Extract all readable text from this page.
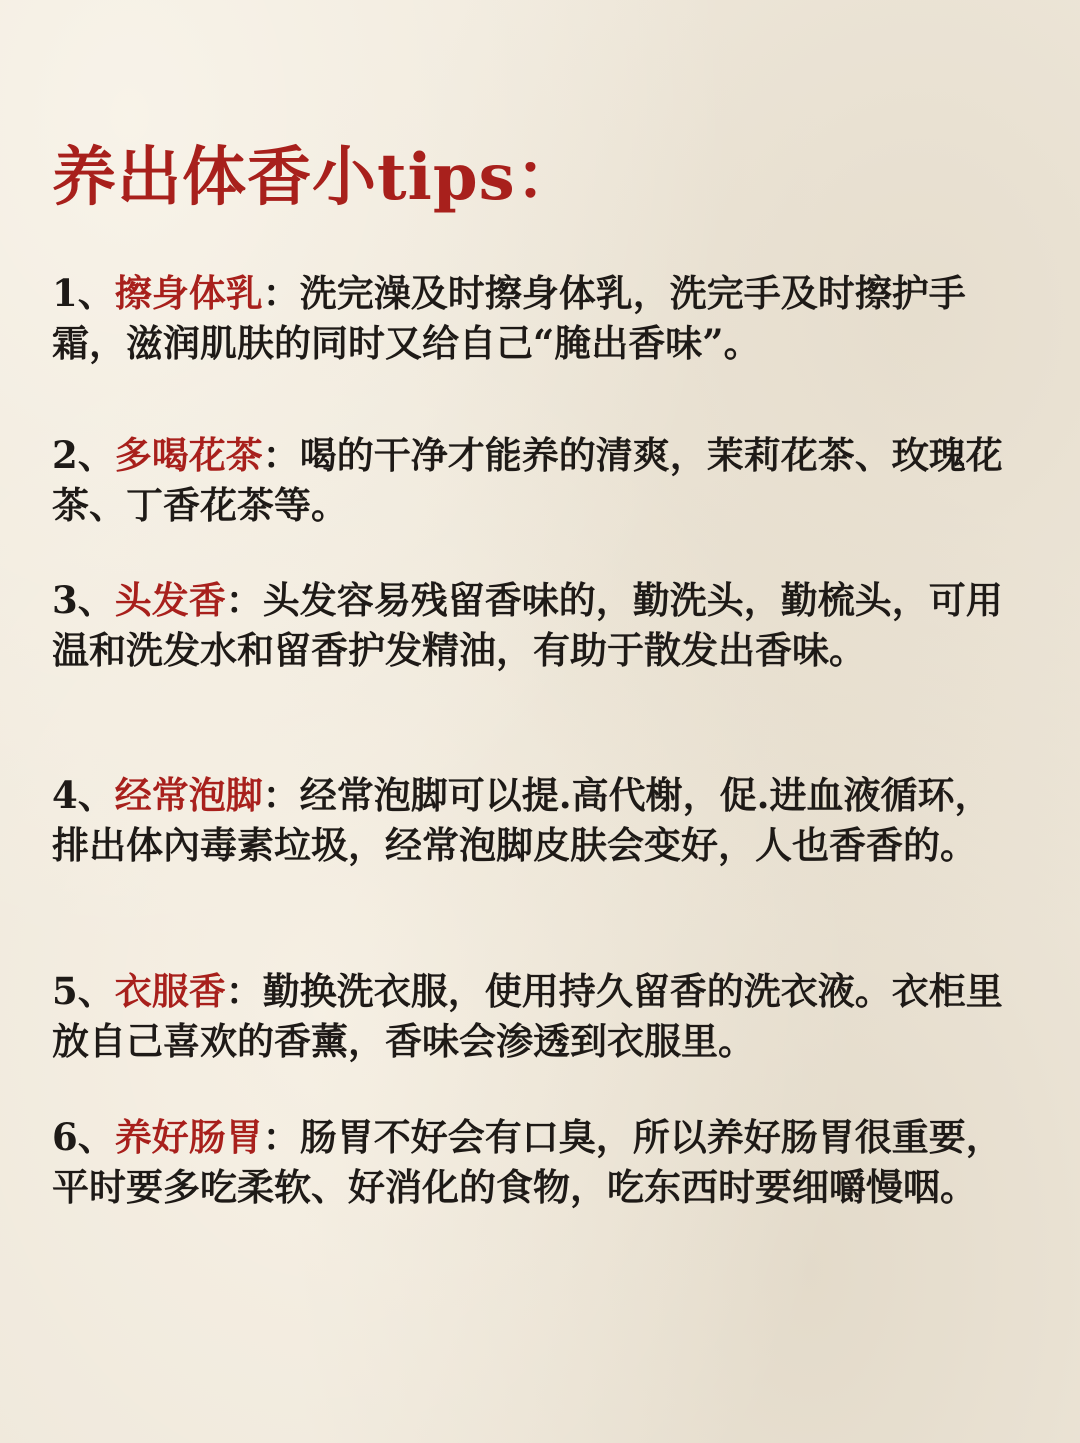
养出体香小tips：

1、擦身体乳：洗完澡及时擦身体乳，洗完手及时擦护手霜，滋润肌肤的同时又给自己“腌出香味”。

2、多喝花茶：喝的干净才能养的清爽，茉莉花茶、玫瑰花茶、丁香花茶等。

3、头发香：头发容易残留香味的，勤洗头，勤梳头，可用温和洗发水和留香护发精油，有助于散发出香味。

4、经常泡脚：经常泡脚可以提.高代榭，促.进血液循环，排出体內毒素垃圾，经常泡脚皮肤会变好，人也香香的。

5、衣服香：勤换洗衣服，使用持久留香的洗衣液。衣柜里放自己喜欢的香薰，香味会渗透到衣服里。

6、养好肠胃：肠胃不好会有口臭，所以养好肠胃很重要，平时要多吃柔软、好消化的食物，吃东西时要细嚼慢咽。
